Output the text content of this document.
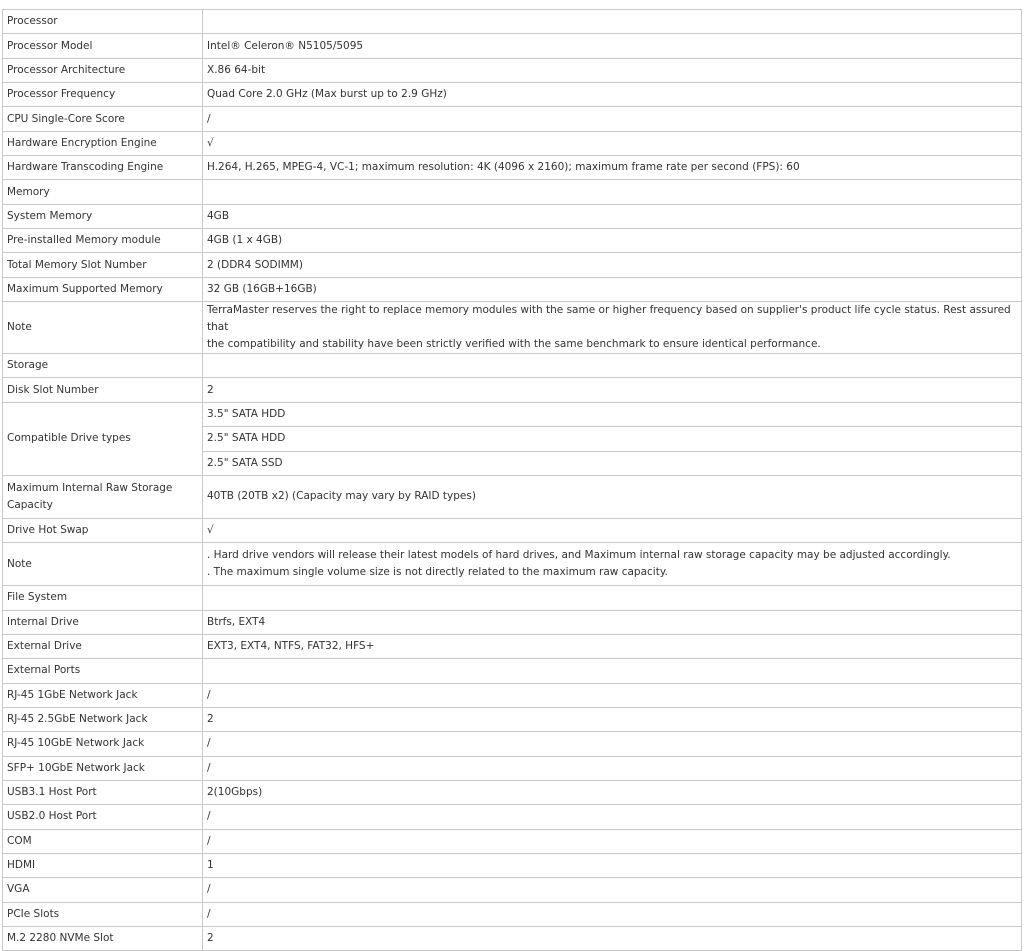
Processor	
Processor Model	Intel® Celeron® N5105/5095
Processor Architecture	X.86 64-bit
Processor Frequency	Quad Core 2.0 GHz (Max burst up to 2.9 GHz)
CPU Single-Core Score	/
Hardware Encryption Engine	√
Hardware Transcoding Engine	H.264, H.265, MPEG-4, VC-1; maximum resolution: 4K (4096 x 2160); maximum frame rate per second (FPS): 60
Memory	
System Memory	4GB
Pre-installed Memory module	4GB (1 x 4GB)
Total Memory Slot Number	2 (DDR4 SODIMM)
Maximum Supported Memory	32 GB (16GB+16GB)
Note	TerraMaster reserves the right to replace memory modules with the same or higher frequency based on supplier's product life cycle status. Rest assured that
the compatibility and stability have been strictly verified with the same benchmark to ensure identical performance.

Storage	
Disk Slot Number	2
Compatible Drive types	3.5" SATA HDD
	2.5" SATA HDD
	2.5" SATA SSD
Maximum Internal Raw Storage Capacity	40TB (20TB x2) (Capacity may vary by RAID types)
Drive Hot Swap	√
Note	. Hard drive vendors will release their latest models of hard drives, and Maximum internal raw storage capacity may be adjusted accordingly.
. The maximum single volume size is not directly related to the maximum raw capacity.

File System	
Internal Drive	Btrfs, EXT4
External Drive	EXT3, EXT4, NTFS, FAT32, HFS+
External Ports	
RJ-45 1GbE Network Jack	/
RJ-45 2.5GbE Network Jack	2
RJ-45 10GbE Network Jack	/
SFP+ 10GbE Network Jack	/
USB3.1 Host Port	2(10Gbps)
USB2.0 Host Port	/
COM	/
HDMI	1
VGA	/
PCIe Slots	/
M.2 2280 NVMe Slot	2
